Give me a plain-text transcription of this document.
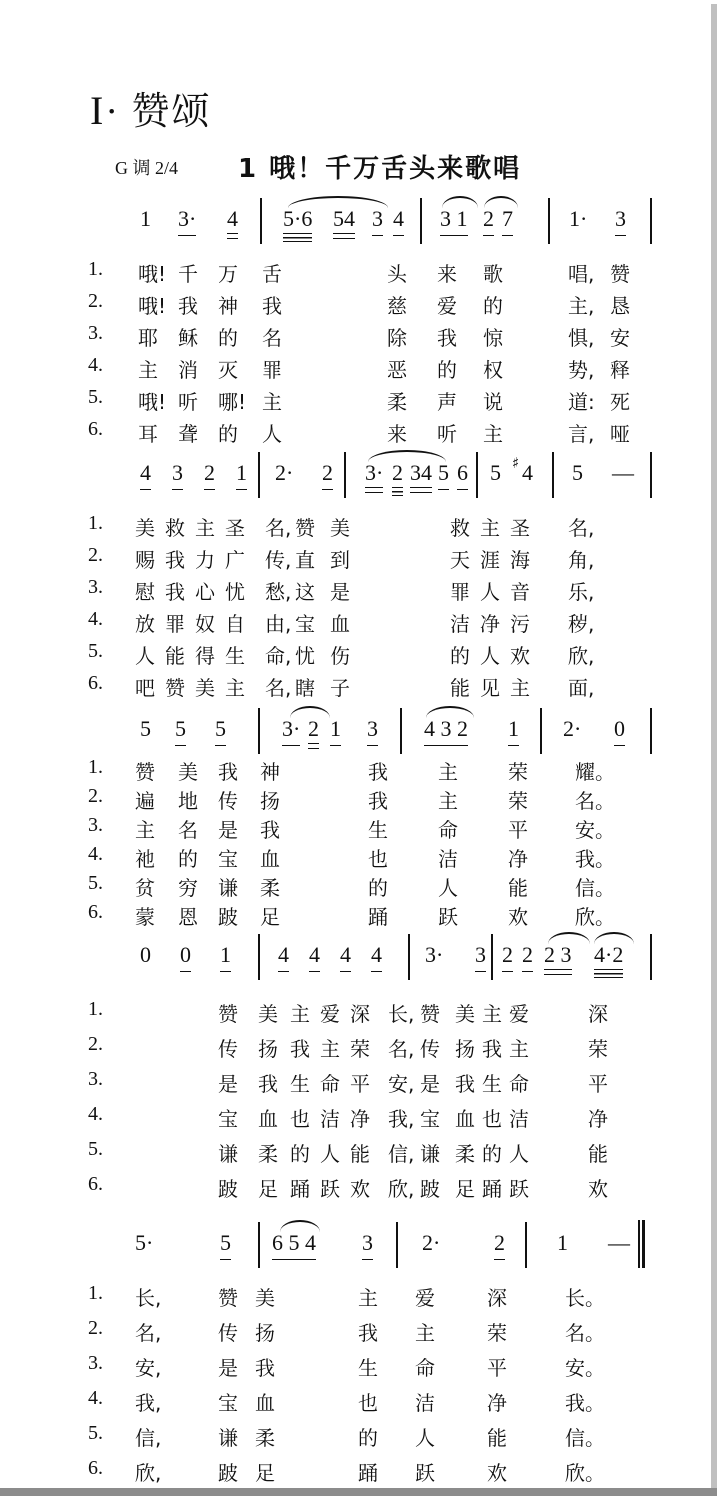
I· 赞颂
G 调 2/4 1 哦！千万舌头来歌唱
1 3· 4 5·6 54 3 4 3 1 2 7	1· 3
1. 哦! 千 万 舌	头 来 歌	唱, 赞
2. 哦! 我 神 我	慈 爱 的	主, 恳
3. 耶 稣 的 名	除 我 惊	惧, 安
4. 主 消 灭 罪	恶 的 权	势, 释
5. 哦! 听 哪! 主	柔 声 说	道: 死
6. 耳 聋 的 人	来 听 主	言, 哑
4 3 2 1 2· 2 3· 2 34 5 6 5 4
♯ 5 —
1. 美 救 主 圣 名, 赞 美	救 主 圣 名,
2. 赐 我 力 广 传, 直 到	天 涯 海 角,
3. 慰 我 心 忧 愁, 这 是	罪 人 音 乐,
4. 放 罪 奴 自 由, 宝 血	洁 净 污 秽,
5. 人 能 得 生 命, 忧 伤	的 人 欢 欣,
6. 吧 赞 美 主 名, 瞎 子	能 见 主 面,
5 5 5	3· 2 1 3 4 3 2 1 2· 0
1. 赞 美 我 神	我	主	荣 耀。
2. 遍 地 传 扬	我	主	荣 名。
3. 主 名 是 我	生	命	平 安。
4. 祂 的 宝 血	也	洁	净 我。
5. 贫 穷 谦 柔	的	人	能 信。
6. 蒙 恩 跛 足	踊	跃	欢 欣。
0 0 1 4 4 4 4 3· 3 2 2 2 3 4·2
1.	赞 美 主 爱 深 长, 赞 美 主 爱	深
2.	传 扬 我 主 荣 名, 传 扬 我 主	荣
3.	是 我 生 命 平 安, 是 我 生 命	平
4.	宝 血 也 洁 净 我, 宝 血 也 洁	净
5.	谦 柔 的 人 能 信, 谦 柔 的 人	能
6.	跛 足 踊 跃 欢 欣, 跛 足 踊 跃	欢
5·	5 6 5 4 3 2· 2 1 —
1. 长,	赞 美	主 爱	深	长。
2. 名,	传 扬	我 主	荣	名。
3. 安,	是 我	生 命	平	安。
4. 我,	宝 血	也 洁	净	我。
5. 信,	谦 柔	的 人	能	信。
6. 欣,	跛 足	踊 跃	欢	欣。
